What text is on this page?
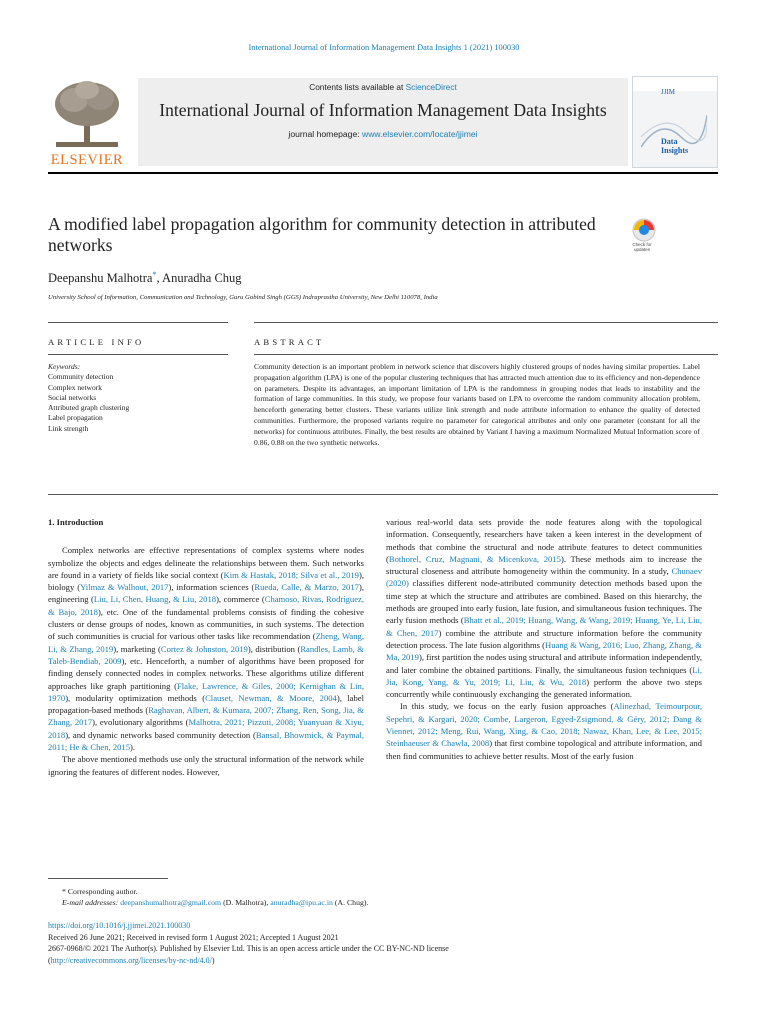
International Journal of Information Management Data Insights 1 (2021) 100030
ELSEVIER
Contents lists available at ScienceDirect
International Journal of Information Management Data Insights
journal homepage: www.elsevier.com/locate/jjimei
JJIM
Data
Insights
A modified label propagation algorithm for community detection in attributed networks	Check for
updates
Deepanshu Malhotra*, Anuradha Chug
University School of Information, Communication and Technology, Guru Gobind Singh (GGS) Indraprastha University, New Delhi 110078, India
ARTICLE INFO	ABSTRACT
Keywords:
Community detection
Complex network
Social networks
Attributed graph clustering
Label propagation
Link strength
Community detection is an important problem in network science that discovers highly clustered groups of nodes having similar properties. Label propagation algorithm (LPA) is one of the popular clustering techniques that has attracted much attention due to its efficiency and non-dependence on parameters. Despite its advantages, an important limitation of LPA is the randomness in grouping nodes that leads to instability and the formation of large communities. In this study, we propose four variants based on LPA to overcome the random community allocation problem, henceforth generating better clusters. These variants utilize link strength and node attribute information to enhance the quality of detected communities. Furthermore, the proposed variants require no parameter for categorical attributes and only one parameter (constant for all the networks) for continuous attributes. Finally, the best results are obtained by Variant I having a maximum Normalized Mutual Information score of 0.86, 0.88 on the two synthetic networks.
1. Introduction

Complex networks are effective representations of complex systems where nodes symbolize the objects and edges delineate the relationships between them. Such networks are found in a variety of fields like social context (Kim & Hastak, 2018; Silva et al., 2019), biology (Yilmaz & Walhout, 2017), information sciences (Rueda, Calle, & Marzo, 2017), engineering (Liu, Li, Chen, Huang, & Liu, 2018), commerce (Chamoso, Rivas, Rodríguez, & Bajo, 2018), etc. One of the fundamental problems consists of finding the cohesive clusters or dense groups of nodes, known as communities, in such systems. The detection of such communities is crucial for various other tasks like recommendation (Zheng, Wang, Li, & Zhang, 2019), marketing (Cortez & Johnston, 2019), distribution (Randles, Lamb, & Taleb-Bendiab, 2009), etc. Henceforth, a number of algorithms have been proposed for finding densely connected nodes in complex networks. These algorithms utilize different approaches like graph partitioning (Flake, Lawrence, & Giles, 2000; Kernighan & Lin, 1970), modularity optimization methods (Clauset, Newman, & Moore, 2004), label propagation-based methods (Raghavan, Albert, & Kumara, 2007; Zhang, Ren, Song, Jia, & Zhang, 2017), evolutionary algorithms (Malhotra, 2021; Pizzuti, 2008; Yuanyuan & Xiyu, 2018), and dynamic networks based community detection (Bansal, Bhowmick, & Paymal, 2011; He & Chen, 2015).

The above mentioned methods use only the structural information of the network while ignoring the features of different nodes. However,

various real-world data sets provide the node features along with the topological information. Consequently, researchers have taken a keen interest in the development of methods that combine the structural and node attribute features to detect communities (Bothorel, Cruz, Magnani, & Micenkova, 2015). These methods aim to increase the structural closeness and attribute homogeneity within the community. In a study, Chunaev (2020) classifies different node-attributed community detection methods based upon the time step at which the structure and attributes are combined. Based on this hierarchy, the methods are grouped into early fusion, late fusion, and simultaneous fusion techniques. The early fusion methods (Bhatt et al., 2019; Huang, Wang, & Wang, 2019; Huang, Ye, Li, Liu, & Chen, 2017) combine the attribute and structure information before the community detection process. The late fusion algorithms (Huang & Wang, 2016; Luo, Zhang, Zhang, & Ma, 2019), first partition the nodes using structural and attribute information independently, and later combine the obtained partitions. Finally, the simultaneous fusion techniques (Li, Jia, Kong, Yang, & Yu, 2019; Li, Liu, & Wu, 2018) perform the above two steps concurrently while continuously exchanging the generated information.

In this study, we focus on the early fusion approaches (Alinezhad, Teimourpour, Sepehri, & Kargari, 2020; Combe, Largeron, Egyed-Zsigmond, & Géry, 2012; Dang & Viennet, 2012; Meng, Rui, Wang, Xing, & Cao, 2018; Nawaz, Khan, Lee, & Lee, 2015; Steinhaeuser & Chawla, 2008) that first combine topological and attribute information, and then find communities to achieve better results. Most of the early fusion

* Corresponding author.
E-mail addresses: deepanshumalhotra@gmail.com (D. Malhotra), anuradha@ipu.ac.in (A. Chug).
https://doi.org/10.1016/j.jjimei.2021.100030
Received 26 June 2021; Received in revised form 1 August 2021; Accepted 1 August 2021
2667-0968/© 2021 The Author(s). Published by Elsevier Ltd. This is an open access article under the CC BY-NC-ND license
(http://creativecommons.org/licenses/by-nc-nd/4.0/)
